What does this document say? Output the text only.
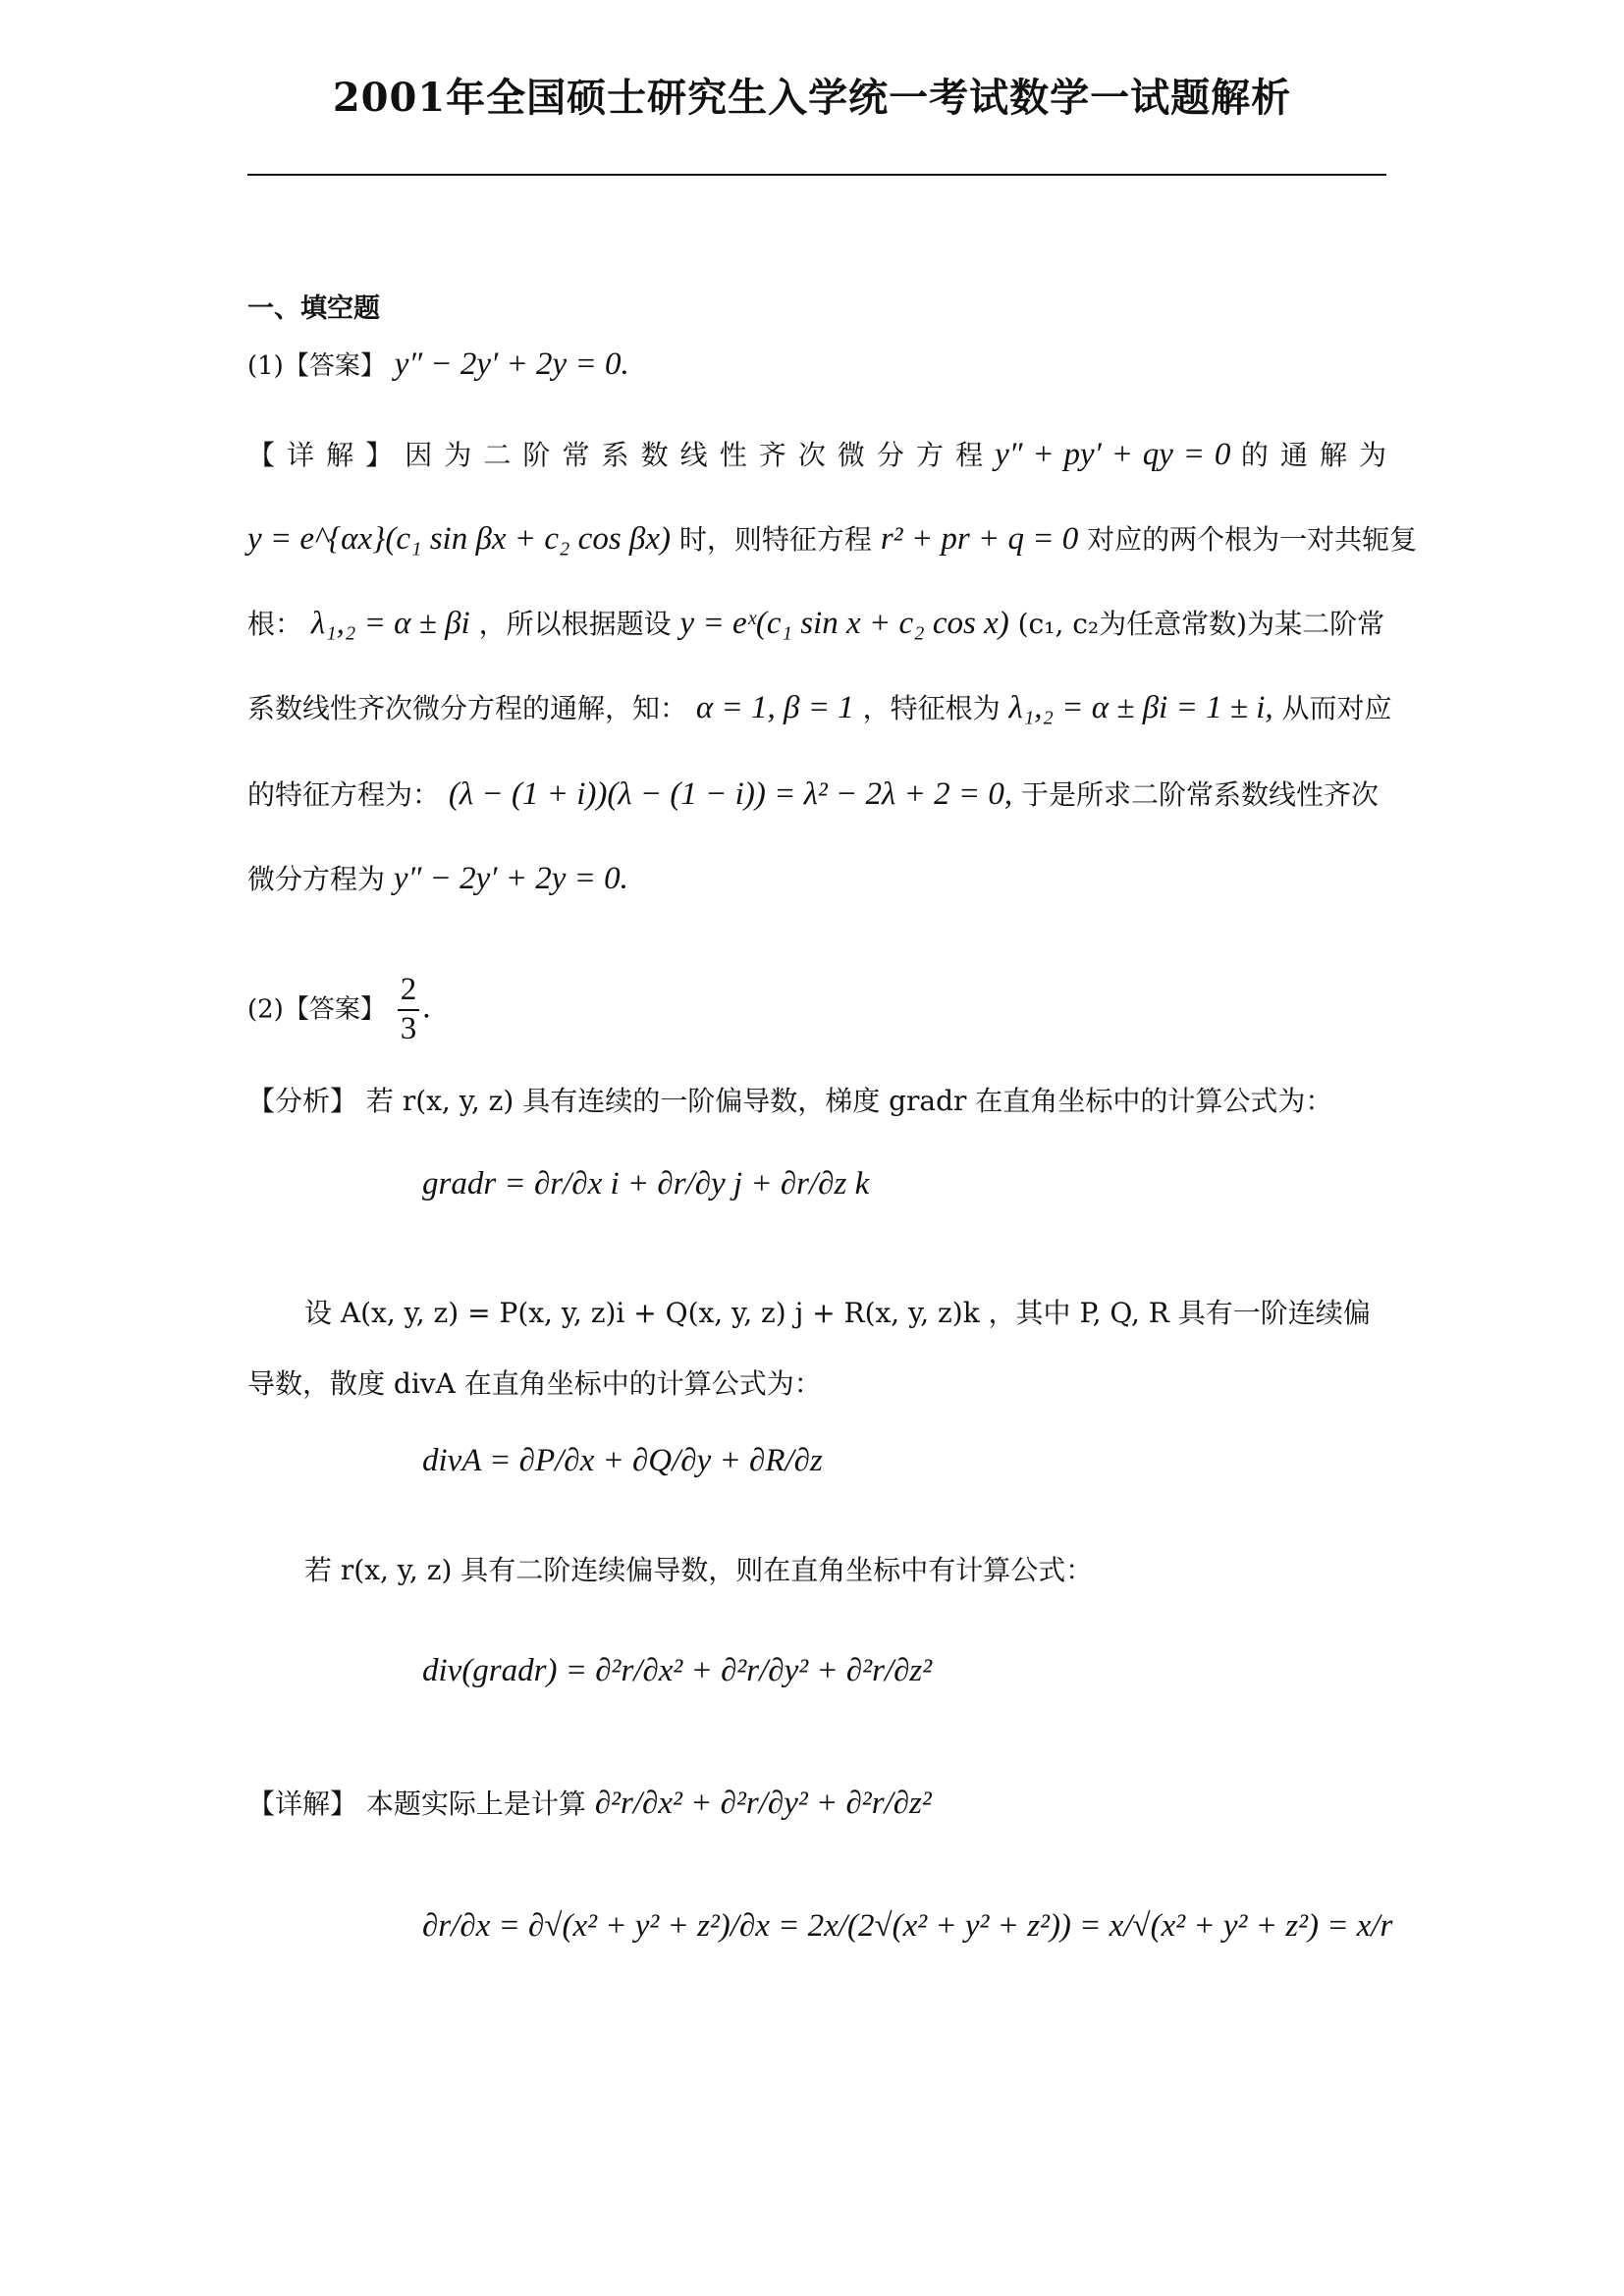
2001年全国硕士研究生入学统一考试数学一试题解析
一、填空题
(1)【答案】 y″ − 2y′ + 2y = 0.
【 详 解 】 因 为 二 阶 常 系 数 线 性 齐 次 微 分 方 程 y″ + py′ + qy = 0 的 通 解 为
y = e^{αx}(c₁ sin βx + c₂ cos βx) 时，则特征方程 r² + pr + q = 0 对应的两个根为一对共轭复
根： λ₁,₂ = α ± βi ，所以根据题设 y = eˣ(c₁ sin x + c₂ cos x) (c₁, c₂为任意常数)为某二阶常
系数线性齐次微分方程的通解，知： α = 1, β = 1 ，特征根为 λ₁,₂ = α ± βi = 1 ± i, 从而对应
的特征方程为： (λ − (1 + i))(λ − (1 − i)) = λ² − 2λ + 2 = 0, 于是所求二阶常系数线性齐次
微分方程为 y″ − 2y′ + 2y = 0.
(2)【答案】 $\frac{2}{3}$ .
【分析】 若 r(x, y, z) 具有连续的一阶偏导数，梯度 gradr 在直角坐标中的计算公式为：
gradr = ∂r/∂x i + ∂r/∂y j + ∂r/∂z k
设 A(x, y, z) = P(x, y, z)i + Q(x, y, z) j + R(x, y, z)k ，其中 P, Q, R 具有一阶连续偏
导数，散度 divA 在直角坐标中的计算公式为：
divA = ∂P/∂x + ∂Q/∂y + ∂R/∂z
若 r(x, y, z) 具有二阶连续偏导数，则在直角坐标中有计算公式：
div(gradr) = ∂²r/∂x² + ∂²r/∂y² + ∂²r/∂z²
【详解】 本题实际上是计算 ∂²r/∂x² + ∂²r/∂y² + ∂²r/∂z²
∂r/∂x = ∂√(x² + y² + z²)/∂x = 2x/(2√(x² + y² + z²)) = x/√(x² + y² + z²) = x/r
